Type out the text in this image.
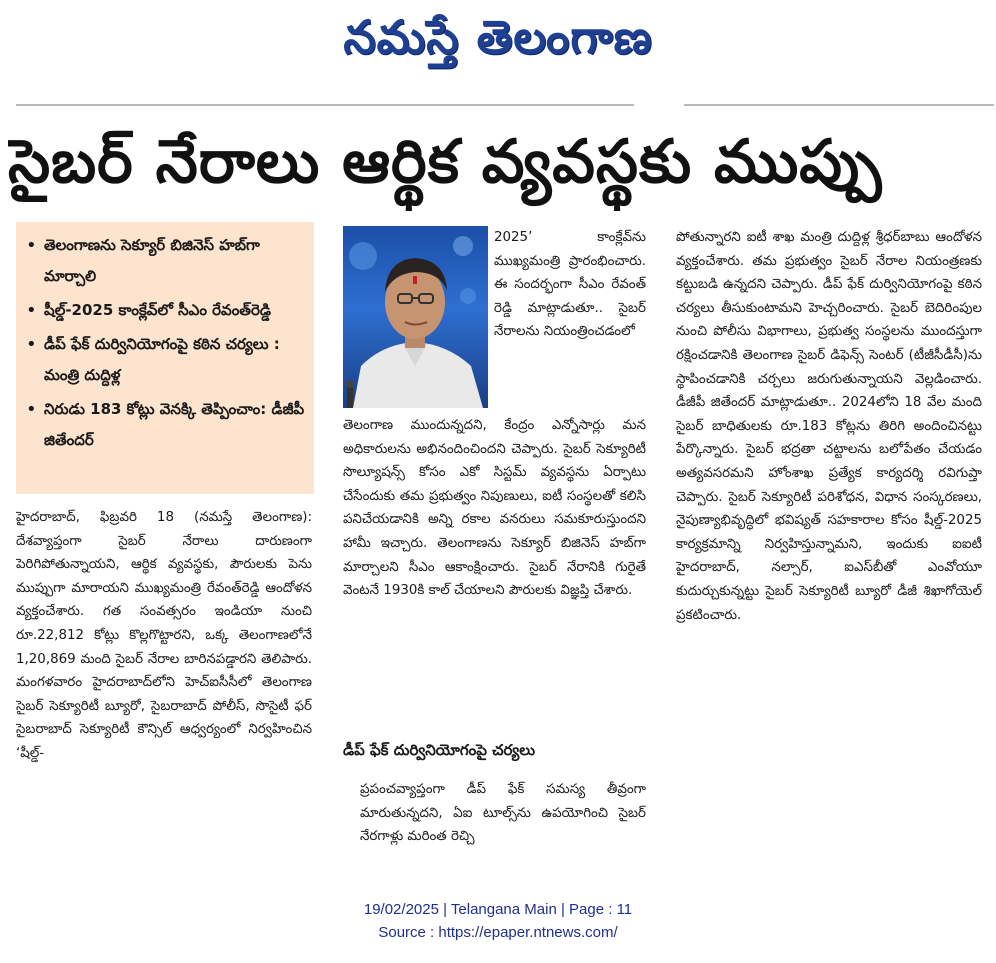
నమస్తే తెలంగాణ
సైబర్ నేరాలు ఆర్థిక వ్యవస్థకు ముప్పు
• తెలంగాణను సెక్యూర్ బిజినెస్ హబ్‌గా మార్చాలి
• షీల్డ్-2025 కాంక్లేవ్‌లో సీఎం రేవంత్‌రెడ్డి
• డీప్ ఫేక్ దుర్వినియోగంపై కఠిన చర్యలు : మంత్రి దుద్దిళ్ల
• నిరుడు 183 కోట్లు వెనక్కి తెప్పించాం: డీజీపీ జితేందర్

హైదరాబాద్, ఫిబ్రవరి 18 (నమస్తే తెలంగాణ): దేశవ్యాప్తంగా సైబర్ నేరాలు దారుణంగా పెరిగిపోతున్నాయని, ఆర్థిక వ్యవస్థకు, పౌరులకు పెను ముప్పుగా మారాయని ముఖ్యమంత్రి రేవంత్‌రెడ్డి ఆందోళన వ్యక్తంచేశారు. గత సంవత్సరం ఇండియా నుంచి రూ.22,812 కోట్లు కొల్లగొట్టారని, ఒక్క తెలంగాణలోనే 1,20,869 మంది సైబర్ నేరాల బారినపడ్డారని తెలిపారు. మంగళవారం హైదరాబాద్‌లోని హెచ్‌ఐసీసీలో తెలంగాణ సైబర్ సెక్యూరిటీ బ్యూరో, సైబరాబాద్ పోలీస్, సొసైటీ ఫర్ సైబరాబాద్ సెక్యూరిటీ కౌన్సిల్ ఆధ్వర్యంలో నిర్వహించిన ‘షీల్డ్-

2025’ కాంక్లేవ్‌ను ముఖ్యమంత్రి ప్రారంభించారు. ఈ సందర్భంగా సీఎం రేవంత్ రెడ్డి మాట్లాడుతూ.. సైబర్ నేరాలను నియంత్రించడంలో

తెలంగాణ ముందున్నదని, కేంద్రం ఎన్నోసార్లు మన అధికారులను అభినందించిందని చెప్పారు. సైబర్ సెక్యూరిటీ సొల్యూషన్స్ కోసం ఎకో సిస్టమ్ వ్యవస్థను ఏర్పాటు చేసేందుకు తమ ప్రభుత్వం నిపుణులు, ఐటీ సంస్థలతో కలిసి పనిచేయడానికి అన్ని రకాల వనరులు సమకూరుస్తుందని హామీ ఇచ్చారు. తెలంగాణను సెక్యూర్ బిజినెస్ హబ్‌గా మార్చాలని సీఎం ఆకాంక్షించారు. సైబర్ నేరానికి గురైతే వెంటనే 1930కి కాల్ చేయాలని పౌరులకు విజ్ఞప్తి చేశారు.

డీప్ ఫేక్ దుర్వినియోగంపై చర్యలు

ప్రపంచవ్యాప్తంగా డీప్ ఫేక్ సమస్య తీవ్రంగా మారుతున్నదని, ఏఐ టూల్స్‌ను ఉపయోగించి సైబర్ నేరగాళ్లు మరింత రెచ్చి

పోతున్నారని ఐటీ శాఖ మంత్రి దుద్దిళ్ల శ్రీధర్‌బాబు ఆందోళన వ్యక్తంచేశారు. తమ ప్రభుత్వం సైబర్ నేరాల నియంత్రణకు కట్టుబడి ఉన్నదని చెప్పారు. డీప్ ఫేక్ దుర్వినియోగంపై కఠిన చర్యలు తీసుకుంటామని హెచ్చరించారు. సైబర్ బెదిరింపుల నుంచి పోలీసు విభాగాలు, ప్రభుత్వ సంస్థలను ముందస్తుగా రక్షించడానికి తెలంగాణ సైబర్ డిఫెన్స్ సెంటర్ (టీజీసీడీసీ)ను స్థాపించడానికి చర్చలు జరుగుతున్నాయని వెల్లడించారు. డీజీపీ జితేందర్ మాట్లాడుతూ.. 2024లోని 18 వేల మంది సైబర్ బాధితులకు రూ.183 కోట్లను తిరిగి అందించినట్టు పేర్కొన్నారు. సైబర్ భద్రతా చట్టాలను బలోపేతం చేయడం అత్యవసరమని హోంశాఖ ప్రత్యేక కార్యదర్శి రవిగుప్తా చెప్పారు. సైబర్ సెక్యూరిటీ పరిశోధన, విధాన సంస్కరణలు, నైపుణ్యాభివృద్ధిలో భవిష్యత్ సహకారాల కోసం షీల్డ్-2025 కార్యక్రమాన్ని నిర్వహిస్తున్నామని, ఇందుకు ఐఐటీ హైదరాబాద్, నల్సార్, ఐఎస్‌బీతో ఎంవోయూ కుదుర్చుకున్నట్టు సైబర్ సెక్యూరిటీ బ్యూరో డీజీ శిఖాగోయెల్ ప్రకటించారు.

19/02/2025 | Telangana Main | Page : 11
Source : https://epaper.ntnews.com/
